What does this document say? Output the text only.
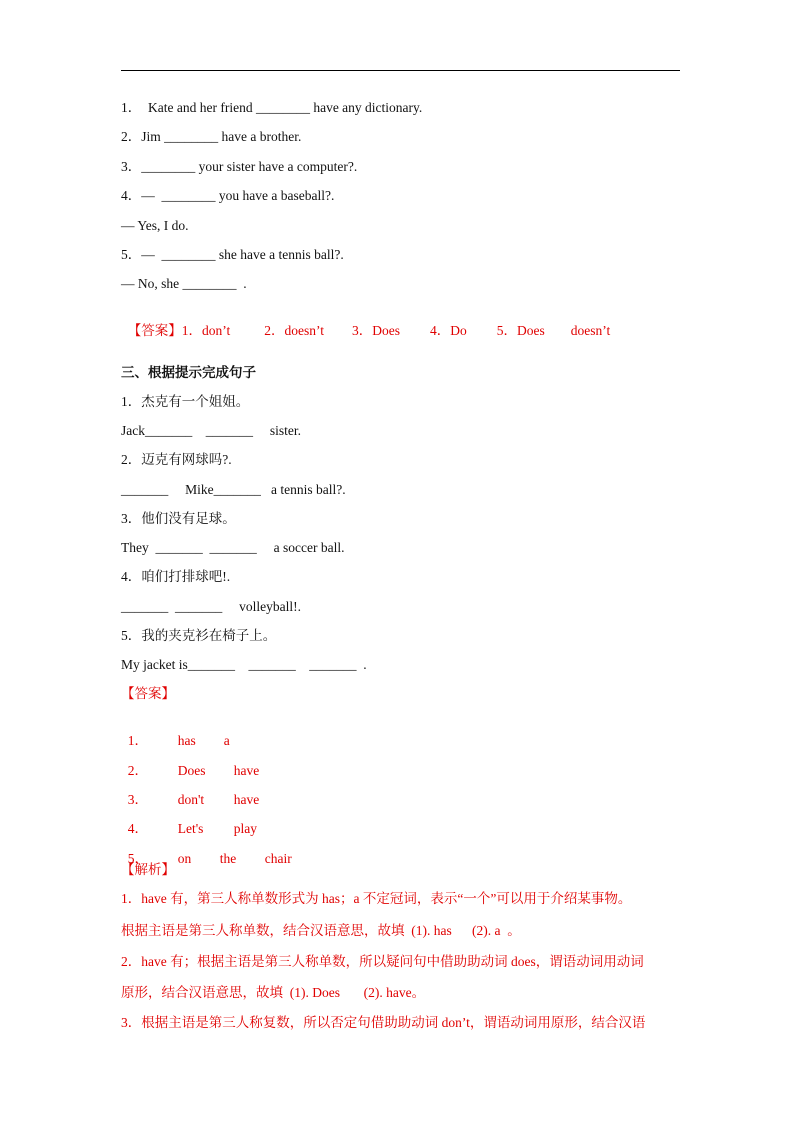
1．  Kate and her friend ________ have any dictionary.
2．Jim ________ have a brother.
3．________ your sister have a computer?.
4．—  ________ you have a baseball?.
— Yes, I do.
5．—  ________ she have a tennis ball?.
— No, she ________  .

【答案】1．don’t	2．doesn’t 3．Does 4．Do 5．Does doesn’t

三、根据提示完成句子
1．杰克有一个姐姐。
Jack_______    _______     sister.
2．迈克有网球吗?.
_______     Mike_______   a tennis ball?.
3．他们没有足球。
They  _______  _______     a soccer ball.
4．咱们打排球吧!.
_______  _______     volleyball!.
5．我的夹克衫在椅子上。
My jacket is_______    _______    _______  .
【答案】

1． has a

2． Does have

3． don't have

4． Let's play

5． on the chair

【解析】
1．have 有，第三人称单数形式为 has；a 不定冠词，表示“一个”可以用于介绍某事物。
根据主语是第三人称单数，结合汉语意思，故填  (1). has      (2). a  。
2．have 有；根据主语是第三人称单数，所以疑问句中借助助动词 does，谓语动词用动词
原形，结合汉语意思，故填  (1). Does       (2). have。
3．根据主语是第三人称复数，所以否定句借助助动词 don’t，谓语动词用原形，结合汉语
